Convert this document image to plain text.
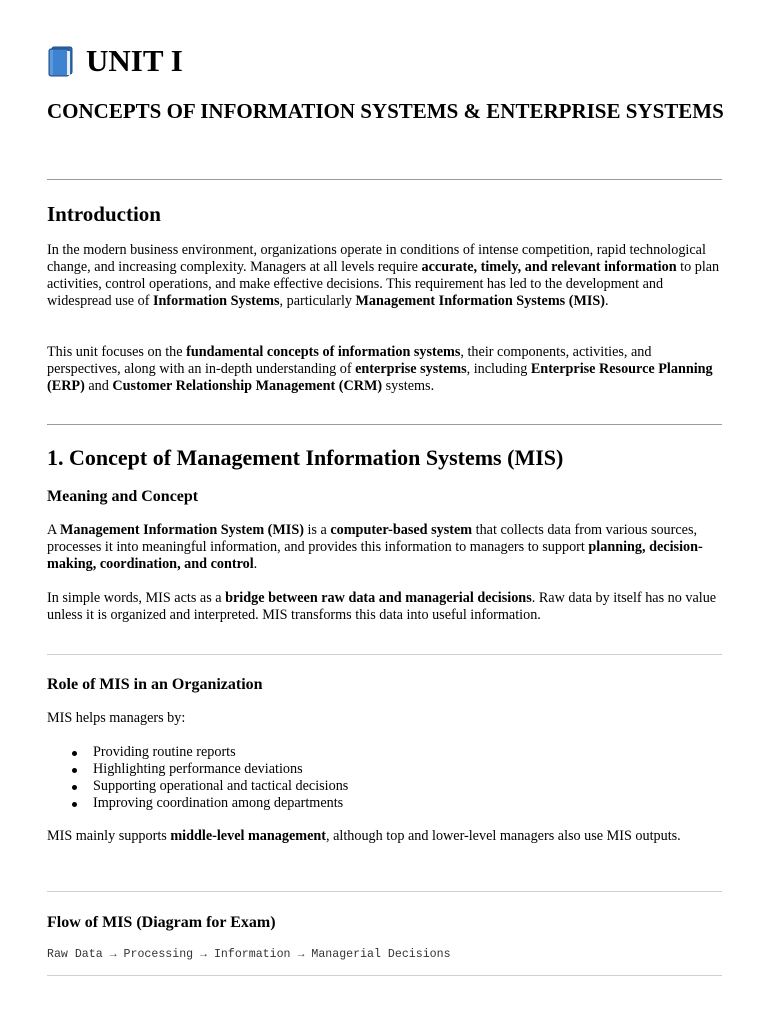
UNIT I
CONCEPTS OF INFORMATION SYSTEMS & ENTERPRISE SYSTEMS
Introduction

In the modern business environment, organizations operate in conditions of intense competition, rapid technological change, and increasing complexity. Managers at all levels require accurate, timely, and relevant information to plan activities, control operations, and make effective decisions. This requirement has led to the development and widespread use of Information Systems, particularly Management Information Systems (MIS).

This unit focuses on the fundamental concepts of information systems, their components, activities, and perspectives, along with an in-depth understanding of enterprise systems, including Enterprise Resource Planning (ERP) and Customer Relationship Management (CRM) systems.

1. Concept of Management Information Systems (MIS)
Meaning and Concept

A Management Information System (MIS) is a computer-based system that collects data from various sources, processes it into meaningful information, and provides this information to managers to support planning, decision-making, coordination, and control.

In simple words, MIS acts as a bridge between raw data and managerial decisions. Raw data by itself has no value unless it is organized and interpreted. MIS transforms this data into useful information.

Role of MIS in an Organization

MIS helps managers by:

Providing routine reports
Highlighting performance deviations
Supporting operational and tactical decisions
Improving coordination among departments

MIS mainly supports middle-level management, although top and lower-level managers also use MIS outputs.

Flow of MIS (Diagram for Exam)

Raw Data → Processing → Information → Managerial Decisions
